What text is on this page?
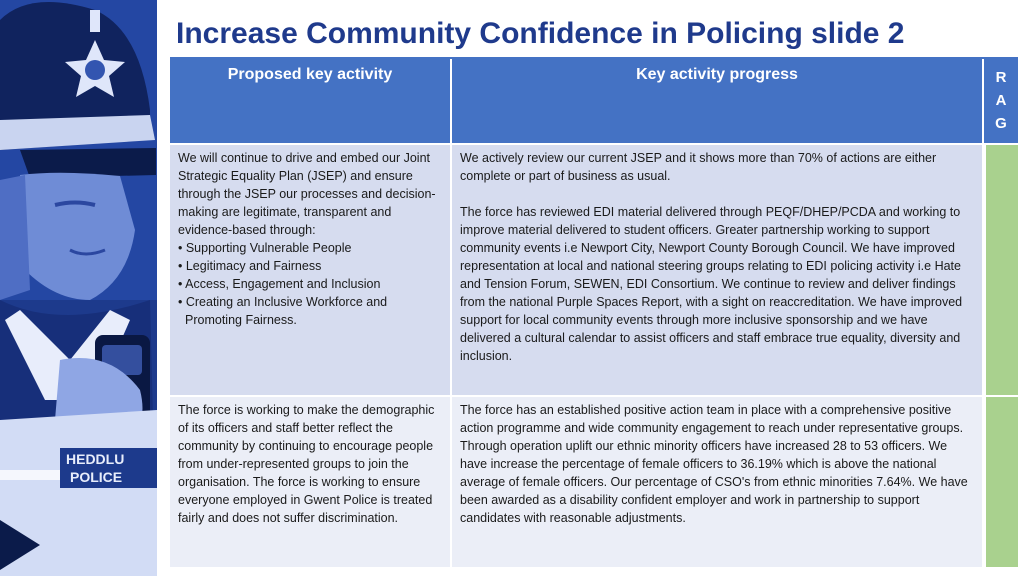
HEDDLU
POLICE
Increase Community Confidence in Policing slide 2
Proposed key activity	Key activity progress	R
A
G

We will continue to drive and embed our Joint Strategic Equality Plan (JSEP) and ensure through the JSEP our processes and decision-making are legitimate, transparent and evidence-based through:

• Supporting Vulnerable People
• Legitimacy and Fairness
• Access, Engagement and Inclusion
• Creating an Inclusive Workforce and Promoting Fairness.

We actively review our current JSEP and it shows more than 70% of actions are either complete or part of business as usual.

The force has reviewed EDI material delivered through PEQF/DHEP/PCDA and working to improve material delivered to student officers. Greater partnership working to support community events i.e Newport City, Newport County Borough Council. We have improved representation at local and national steering groups relating to EDI policing activity i.e Hate and Tension Forum, SEWEN, EDI Consortium. We continue to review and deliver findings from the national Purple Spaces Report, with a sight on reaccreditation. We have improved support for local community events through more inclusive sponsorship and we have delivered a cultural calendar to assist officers and staff embrace true equality, diversity and inclusion.

The force is working to make the demographic of its officers and staff better reflect the community by continuing to encourage people from under-represented groups to join the organisation. The force is working to ensure everyone employed in Gwent Police is treated fairly and does not suffer discrimination.
The force has an established positive action team in place with a comprehensive positive action programme and wide community engagement to reach under representative groups. Through operation uplift our ethnic minority officers have increased 28 to 53 officers. We have increase the percentage of female officers to 36.19% which is above the national average of female officers. Our percentage of CSO's from ethnic minorities 7.64%. We have been awarded as a disability confident employer and work in partnership to support candidates with reasonable adjustments.
